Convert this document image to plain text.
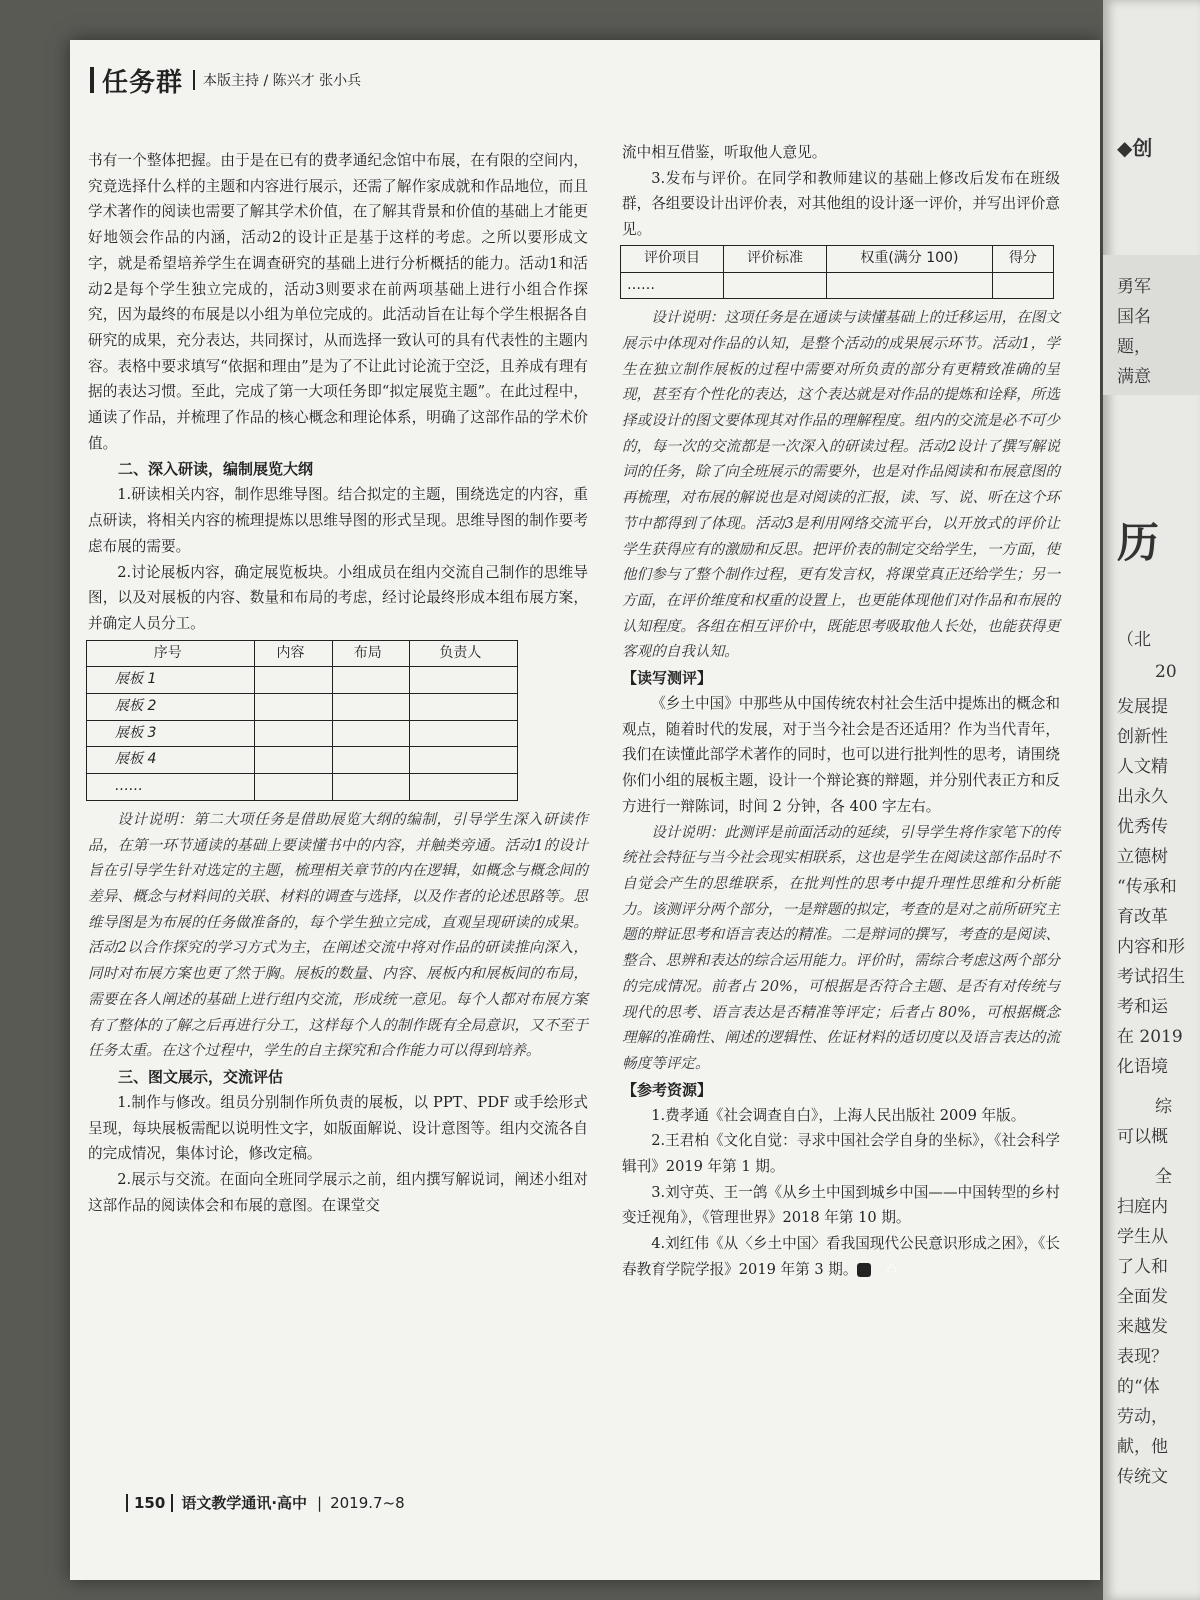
◆创
勇军
国名
题，
满意
历
（北
20
发展提
创新性
人文精
出永久
优秀传
立德树
“传承和
育改革
内容和形
考试招生
考和运
在 2019
化语境
综
可以概
全
扫庭内
学生从
了人和
全面发
来越发
表现？
的“体
劳动，
献，他
传统文
任务群	本版主持 / 陈兴才 张小兵

书有一个整体把握。由于是在已有的费孝通纪念馆中布展，在有限的空间内，究竟选择什么样的主题和内容进行展示，还需了解作家成就和作品地位，而且学术著作的阅读也需要了解其学术价值，在了解其背景和价值的基础上才能更好地领会作品的内涵，活动2的设计正是基于这样的考虑。之所以要形成文字，就是希望培养学生在调查研究的基础上进行分析概括的能力。活动1和活动2是每个学生独立完成的，活动3则要求在前两项基础上进行小组合作探究，因为最终的布展是以小组为单位完成的。此活动旨在让每个学生根据各自研究的成果，充分表达，共同探讨，从而选择一致认可的具有代表性的主题内容。表格中要求填写“依据和理由”是为了不让此讨论流于空泛，且养成有理有据的表达习惯。至此，完成了第一大项任务即“拟定展览主题”。在此过程中，通读了作品，并梳理了作品的核心概念和理论体系，明确了这部作品的学术价值。

二、深入研读，编制展览大纲

1.研读相关内容，制作思维导图。结合拟定的主题，围绕选定的内容，重点研读，将相关内容的梳理提炼以思维导图的形式呈现。思维导图的制作要考虑布展的需要。

2.讨论展板内容，确定展览板块。小组成员在组内交流自己制作的思维导图，以及对展板的内容、数量和布局的考虑，经讨论最终形成本组布展方案，并确定人员分工。

序号	内容	布局	负责人
展板 1			
展板 2			
展板 3			
展板 4			
……			

设计说明：第二大项任务是借助展览大纲的编制，引导学生深入研读作品，在第一环节通读的基础上要读懂书中的内容，并触类旁通。活动1的设计旨在引导学生针对选定的主题，梳理相关章节的内在逻辑，如概念与概念间的差异、概念与材料间的关联、材料的调查与选择，以及作者的论述思路等。思维导图是为布展的任务做准备的，每个学生独立完成，直观呈现研读的成果。活动2以合作探究的学习方式为主，在阐述交流中将对作品的研读推向深入，同时对布展方案也更了然于胸。展板的数量、内容、展板内和展板间的布局，需要在各人阐述的基础上进行组内交流，形成统一意见。每个人都对布展方案有了整体的了解之后再进行分工，这样每个人的制作既有全局意识，又不至于任务太重。在这个过程中，学生的自主探究和合作能力可以得到培养。

三、图文展示，交流评估

1.制作与修改。组员分别制作所负责的展板，以 PPT、PDF 或手绘形式呈现，每块展板需配以说明性文字，如版面解说、设计意图等。组内交流各自的完成情况，集体讨论，修改定稿。

2.展示与交流。在面向全班同学展示之前，组内撰写解说词，阐述小组对这部作品的阅读体会和布展的意图。在课堂交

流中相互借鉴，听取他人意见。

3.发布与评价。在同学和教师建议的基础上修改后发布在班级群，各组要设计出评价表，对其他组的设计逐一评价，并写出评价意见。

评价项目	评价标准	权重(满分 100)	得分
……			

设计说明：这项任务是在通读与读懂基础上的迁移运用，在图文展示中体现对作品的认知，是整个活动的成果展示环节。活动1，学生在独立制作展板的过程中需要对所负责的部分有更精致准确的呈现，甚至有个性化的表达，这个表达就是对作品的提炼和诠释，所选择或设计的图文要体现其对作品的理解程度。组内的交流是必不可少的，每一次的交流都是一次深入的研读过程。活动2设计了撰写解说词的任务，除了向全班展示的需要外，也是对作品阅读和布展意图的再梳理，对布展的解说也是对阅读的汇报，读、写、说、听在这个环节中都得到了体现。活动3是利用网络交流平台，以开放式的评价让学生获得应有的激励和反思。把评价表的制定交给学生，一方面，使他们参与了整个制作过程，更有发言权，将课堂真正还给学生；另一方面，在评价维度和权重的设置上，也更能体现他们对作品和布展的认知程度。各组在相互评价中，既能思考吸取他人长处，也能获得更客观的自我认知。

【读写测评】

《乡土中国》中那些从中国传统农村社会生活中提炼出的概念和观点，随着时代的发展，对于当今社会是否还适用？作为当代青年，我们在读懂此部学术著作的同时，也可以进行批判性的思考，请围绕你们小组的展板主题，设计一个辩论赛的辩题，并分别代表正方和反方进行一辩陈词，时间 2 分钟，各 400 字左右。

设计说明：此测评是前面活动的延续，引导学生将作家笔下的传统社会特征与当今社会现实相联系，这也是学生在阅读这部作品时不自觉会产生的思维联系，在批判性的思考中提升理性思维和分析能力。该测评分两个部分，一是辩题的拟定，考查的是对之前所研究主题的辩证思考和语言表达的精准。二是辩词的撰写，考查的是阅读、整合、思辨和表达的综合运用能力。评价时，需综合考虑这两个部分的完成情况。前者占 20%，可根据是否符合主题、是否有对传统与现代的思考、语言表达是否精准等评定；后者占 80%，可根据概念理解的准确性、阐述的逻辑性、佐证材料的适切度以及语言表达的流畅度等评定。

【参考资源】

1.费孝通《社会调查自白》，上海人民出版社 2009 年版。

2.王君柏《文化自觉：寻求中国社会学自身的坐标》，《社会科学辑刊》2019 年第 1 期。

3.刘守英、王一鸽《从乡土中国到城乡中国——中国转型的乡村变迁视角》，《管理世界》2018 年第 10 期。

4.刘红伟《从〈乡土中国〉看我国现代公民意识形成之困》，《长春教育学院学报》2019 年第 3 期。	凸

150	语文教学通讯·高中 | 2019.7~8
